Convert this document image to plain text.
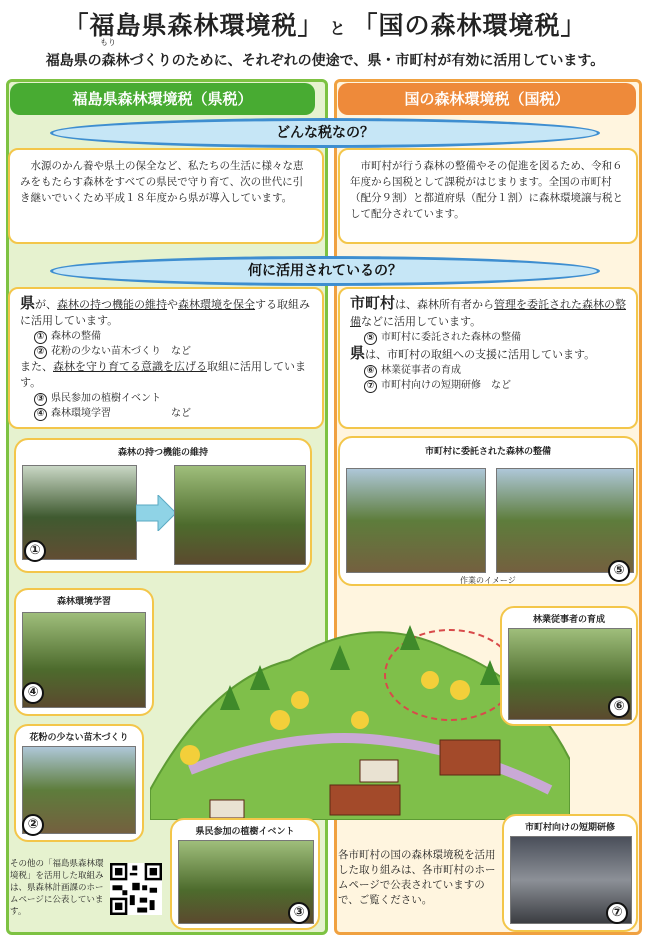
「福島県森林環境税」 と 「国の森林環境税」
もり
福島県の森林づくりのために、それぞれの使途で、県・市町村が有効に活用しています。
福島県森林環境税（県税）	国の森林環境税（国税）
どんな税なの？
水源のかん養や県土の保全など、私たちの生活に様々な恵みをもたらす森林をすべての県民で守り育て、次の世代に引き継いでいくため平成１８年度から県が導入しています。
市町村が行う森林の整備やその促進を図るため、令和６年度から国税として課税がはじまります。全国の市町村（配分９割）と都道府県（配分１割）に森林環境譲与税として配分されています。
何に活用されているの？
県が、森林の持つ機能の維持や森林環境を保全する取組みに活用しています。
① 森林の整備
② 花粉の少ない苗木づくり　など
また、森林を守り育てる意識を広げる取組に活用しています。
③ 県民参加の植樹イベント
④ 森林環境学習　　　　　　など
市町村は、森林所有者から管理を委託された森林の整備などに活用しています。
⑤ 市町村に委託された森林の整備
県は、市町村の取組への支援に活用しています。
⑥ 林業従事者の育成
⑦ 市町村向けの短期研修　など
森林の持つ機能の維持
①
森林環境学習
④
花粉の少ない苗木づくり
②	県民参加の植樹イベント
③
市町村に委託された森林の整備
作業のイメージ
⑤
林業従事者の育成
⑥
市町村向けの短期研修
⑦
その他の「福島県森林環境税」を活用した取組みは、県森林計画課のホームページに公表しています。
各市町村の国の森林環境税を活用した取り組みは、各市町村のホームページで公表されていますので、ご覧ください。
